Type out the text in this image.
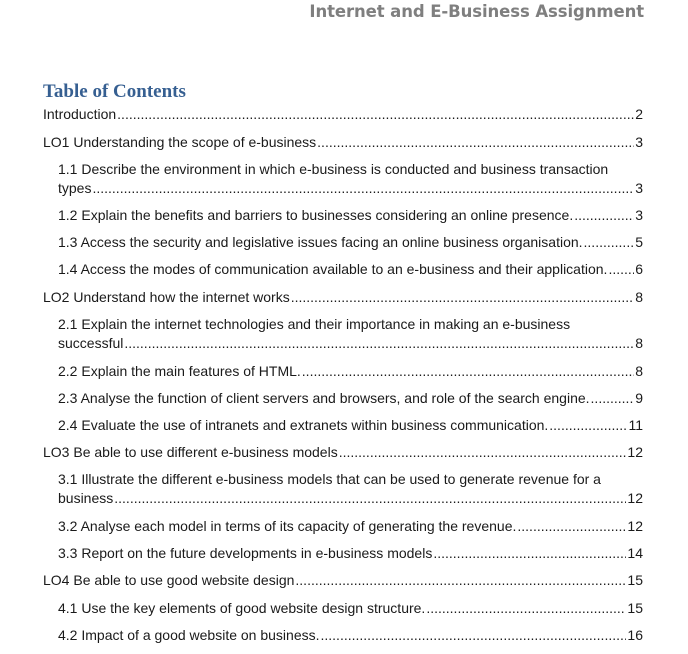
Internet and E-Business Assignment
Table of Contents
Introduction .....	2
LO1 Understanding the scope of e-business .....	3
1.1 Describe the environment in which e-business is conducted and business transaction
types .....	3
1.2 Explain the benefits and barriers to businesses considering an online presence. .....	3
1.3 Access the security and legislative issues facing an online business organisation. .....	5
1.4 Access the modes of communication available to an e-business and their application. ..... 6
LO2 Understand how the internet works .....	8
2.1 Explain the internet technologies and their importance in making an e-business
successful .....	8
2.2 Explain the main features of HTML. .....	8
2.3 Analyse the function of client servers and browsers, and role of the search engine. .....	9
2.4 Evaluate the use of intranets and extranets within business communication. .....	11
LO3 Be able to use different e-business models .....	12
3.1 Illustrate the different e-business models that can be used to generate revenue for a
business .....	12
3.2 Analyse each model in terms of its capacity of generating the revenue. .....	12
3.3 Report on the future developments in e-business models .....	14
LO4 Be able to use good website design .....	15
4.1 Use the key elements of good website design structure. .....	15
4.2 Impact of a good website on business. .....	16
